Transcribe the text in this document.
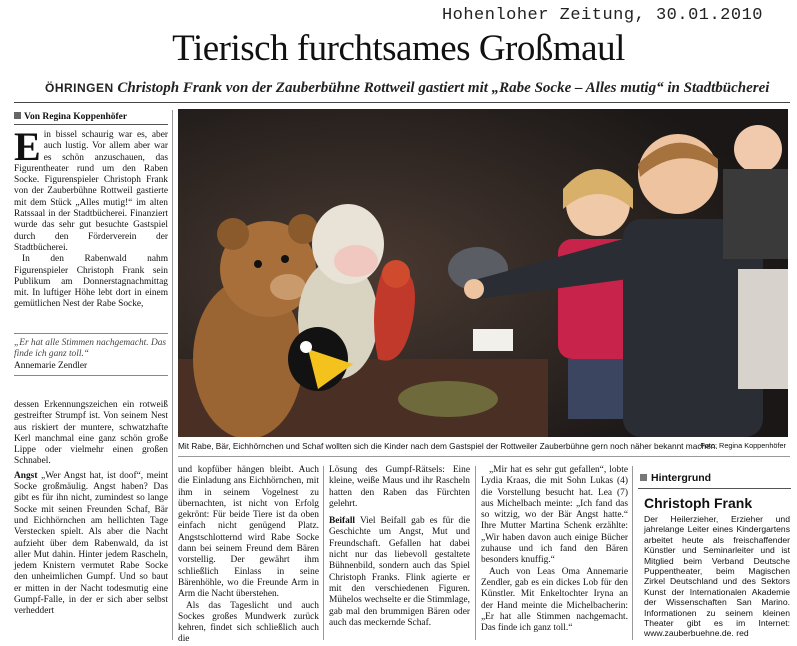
Hohenloher Zeitung, 30.01.2010
Tierisch furchtsames Großmaul
ÖHRINGEN Christoph Frank von der Zauberbühne Rottweil gastiert mit „Rabe Socke – Alles mutig“ in Stadtbücherei
Von Regina Koppenhöfer

Ein bissel schaurig war es, aber auch lustig. Vor allem aber war es schön anzuschauen, das Figurentheater rund um den Raben Socke. Figurenspieler Christoph Frank von der Zauberbühne Rottweil gastierte mit dem Stück „Alles mutig!“ im alten Ratssaal in der Stadtbücherei. Finanziert wurde das sehr gut besuchte Gastspiel durch den Förderverein der Stadtbücherei.

In den Rabenwald nahm Figurenspieler Christoph Frank sein Publikum am Donnerstagnachmittag mit. In luftiger Höhe lebt dort in einem gemütlichen Nest der Rabe Socke,

„Er hat alle Stimmen nachgemacht. Das finde ich ganz toll.“
Annemarie Zendler

dessen Erkennungszeichen ein rotweiß gestreifter Strumpf ist. Von seinem Nest aus riskiert der muntere, schwatzhafte Kerl manchmal eine ganz schön große Lippe oder vielmehr einen großen Schnabel.

Angst „Wer Angst hat, ist doof“, meint Socke großmäulig. Angst haben? Das gibt es für ihn nicht, zumindest so lange Socke mit seinen Freunden Schaf, Bär und Eichhörnchen am hellichten Tage Verstecken spielt. Als aber die Nacht aufzieht über dem Rabenwald, da ist aller Mut dahin. Hinter jedem Rascheln, jedem Knistern vermutet Rabe Socke den unheimlichen Gumpf. Und so baut er mitten in der Nacht todesmutig eine Gumpf-Falle, in der er sich aber selbst verheddert

Mit Rabe, Bär, Eichhörnchen und Schaf wollten sich die Kinder nach dem Gastspiel der Rottweiler Zauberbühne gern noch näher bekannt machen.
Foto: Regina Koppenhöfer

und kopfüber hängen bleibt. Auch die Einladung ans Eichhörnchen, mit ihm in seinem Vogelnest zu übernachten, ist nicht von Erfolg gekrönt: Für beide Tiere ist da oben einfach nicht genügend Platz. Angstschlotternd wird Rabe Socke dann bei seinem Freund dem Bären vorstellig. Der gewährt ihm schließlich Einlass in seine Bärenhöhle, wo die Freunde Arm in Arm die Nacht überstehen.

Als das Tageslicht und auch Sockes großes Mundwerk zurück kehren, findet sich schließlich auch die

Lösung des Gumpf-Rätsels: Eine kleine, weiße Maus und ihr Rascheln hatten den Raben das Fürchten gelehrt.

Beifall Viel Beifall gab es für die Geschichte um Angst, Mut und Freundschaft. Gefallen hat dabei nicht nur das liebevoll gestaltete Bühnenbild, sondern auch das Spiel Christoph Franks. Flink agierte er mit den verschiedenen Figuren. Mühelos wechselte er die Stimmlage, gab mal den brummigen Bären oder auch das meckernde Schaf.

„Mir hat es sehr gut gefallen“, lobte Lydia Kraas, die mit Sohn Lukas (4) die Vorstellung besucht hat. Lea (7) aus Michelbach meinte: „Ich fand das so witzig, wo der Bär Angst hatte.“ Ihre Mutter Martina Schenk erzählte: „Wir haben davon auch einige Bücher zuhause und ich fand den Bären besonders knuffig.“

Auch von Leas Oma Annemarie Zendler, gab es ein dickes Lob für den Künstler. Mit Enkeltochter Iryna an der Hand meinte die Michelbacherin: „Er hat alle Stimmen nachgemacht. Das finde ich ganz toll.“

Hintergrund
Christoph Frank
Der Heilerzieher, Erzieher und jahrelange Leiter eines Kindergartens arbeitet heute als freischaffender Künstler und Seminarleiter und ist Mitglied beim Verband Deutsche Puppentheater, beim Magischen Zirkel Deutschland und des Sektors Kunst der Internationalen Akademie der Wissenschaften San Marino. Informationen zu seinem kleinen Theater gibt es im Internet: www.zauberbuehne.de. red
